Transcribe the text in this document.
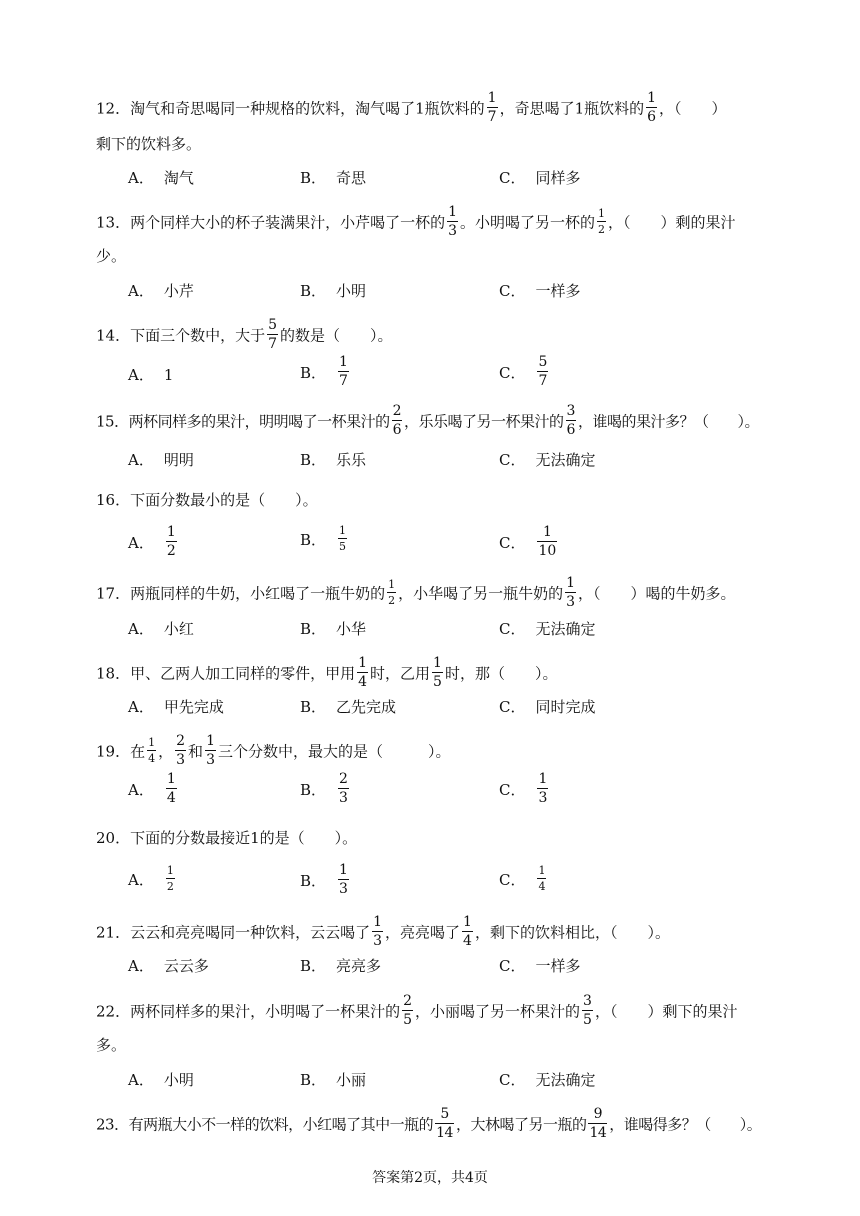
12．淘气和奇思喝同一种规格的饮料，淘气喝了1瓶饮料的 $\frac{1}{7}$ ，奇思喝了1瓶饮料的 $\frac{1}{6}$ ，（　　）
剩下的饮料多。
A． 淘气	B． 奇思	C． 同样多
13．两个同样大小的杯子装满果汁，小芹喝了一杯的 $\frac{1}{3}$ 。小明喝了另一杯的 $\frac{1}{2}$ ，（　　）剩的果汁
少。
A． 小芹	B． 小明	C． 一样多
14．下面三个数中，大于 $\frac{5}{7}$ 的数是（　　）。
A． 1	B． $\frac{1}{7}$	C． $\frac{5}{7}$
15．两杯同样多的果汁，明明喝了一杯果汁的 $\frac{2}{6}$ ，乐乐喝了另一杯果汁的 $\frac{3}{6}$ ，谁喝的果汁多？（　　）。
A． 明明	B． 乐乐	C． 无法确定
16．下面分数最小的是（　　）。
A． $\frac{1}{2}$	B． $\frac{1}{5}$	C． $\frac{1}{10}$
17．两瓶同样的牛奶，小红喝了一瓶牛奶的 $\frac{1}{2}$ ，小华喝了另一瓶牛奶的 $\frac{1}{3}$ ，（　　）喝的牛奶多。
A． 小红	B． 小华	C． 无法确定
18．甲、乙两人加工同样的零件，甲用 $\frac{1}{4}$ 时，乙用 $\frac{1}{5}$ 时，那（　　）。
A． 甲先完成	B． 乙先完成	C． 同时完成
19．在 $\frac{1}{4}$ ， $\frac{2}{3}$ 和 $\frac{1}{3}$ 三个分数中，最大的是（　　　）。
A． $\frac{1}{4}$	B． $\frac{2}{3}$	C． $\frac{1}{3}$
20．下面的分数最接近1的是（　　）。
A． $\frac{1}{2}$	B． $\frac{1}{3}$	C． $\frac{1}{4}$
21．云云和亮亮喝同一种饮料，云云喝了 $\frac{1}{3}$ ，亮亮喝了 $\frac{1}{4}$ ，剩下的饮料相比，（　　）。
A． 云云多	B． 亮亮多	C． 一样多
22．两杯同样多的果汁，小明喝了一杯果汁的 $\frac{2}{5}$ ，小丽喝了另一杯果汁的 $\frac{3}{5}$ ，（　　）剩下的果汁
多。
A． 小明	B． 小丽	C． 无法确定
23．有两瓶大小不一样的饮料，小红喝了其中一瓶的 $\frac{5}{14}$ ，大林喝了另一瓶的 $\frac{9}{14}$ ，谁喝得多？（　　）。
答案第2页，共4页
